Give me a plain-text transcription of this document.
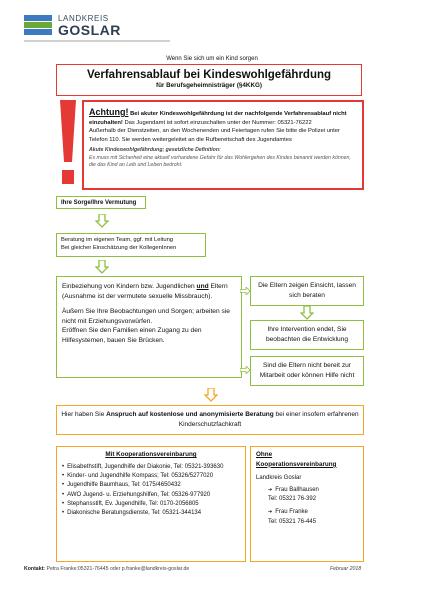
LANDKREIS
GOSLAR
Wenn Sie sich um ein Kind sorgen
Verfahrensablauf bei Kindeswohlgefährdung
für Berufsgeheimnisträger (§4KKG)
Achtung! Bei akuter Kindeswohlgefährdung ist der nachfolgende Verfahrensablauf nicht einzuhalten! Das Jugendamt ist sofort einzuschalten unter der Nummer: 05321-76222
Außerhalb der Dienstzeiten, an den Wochenenden und Feiertagen rufen Sie bitte die Polizei unter Telefon 110. Sie werden weitergeleitet an die Rufbereitschaft des Jugendamtes
Akute Kindeswohlgefährdung; gesetzliche Definition:
Es muss mit Sicherheit eine aktuell vorhandene Gefahr für das Wohlergehen des Kindes benannt werden können, die das Kind an Leib und Leben bedroht.
Ihre Sorge/Ihre Vermutung
Beratung im eigenen Team, ggf. mit Leitung
Bei gleicher Einschätzung der KollegenInnen
Einbeziehung von Kindern bzw. Jugendlichen und Eltern (Ausnahme ist der vermutete sexuelle Missbrauch).
Äußern Sie Ihre Beobachtungen und Sorgen; arbeiten sie nicht mit Erziehungsvorwürfen.
Eröffnen Sie den Familien einen Zugang zu den Hilfesystemen, bauen Sie Brücken.
Die Eltern zeigen Einsicht, lassen sich beraten
Ihre Intervention endet, Sie beobachten die Entwicklung
Sind die Eltern nicht bereit zur Mitarbeit oder können Hilfe nicht
Hier haben Sie Anspruch auf kostenlose und anonymisierte Beratung bei einer insofern erfahrenen Kinderschutzfachkraft
Mit Kooperationsvereinbarung
• Elisabethstift, Jugendhilfe der Diakonie, Tel: 05321-393630
• Kinder- und Jugendhilfe Kompass; Tel: 05326/5277020
• Jugendhilfe Baumhaus, Tel: 0175/4650432
• AWO Jugend- u. Erziehungshilfen, Tel: 05326-977920
• Stephansstift, Ev. Jugendhilfe, Tel: 0170-2056805
• Diakonische Beratungsdienste, Tel: 05321-344134
Ohne
Kooperationsvereinbarung
Landkreis Goslar
➔ Frau Ballhausen
Tel: 05321 76-392
➔ Frau Franke
Tel: 05321 76-445
Kontakt: Petra Franke:05321-76445 oder p.franke@landkreis-goslar.de	Februar 2018
